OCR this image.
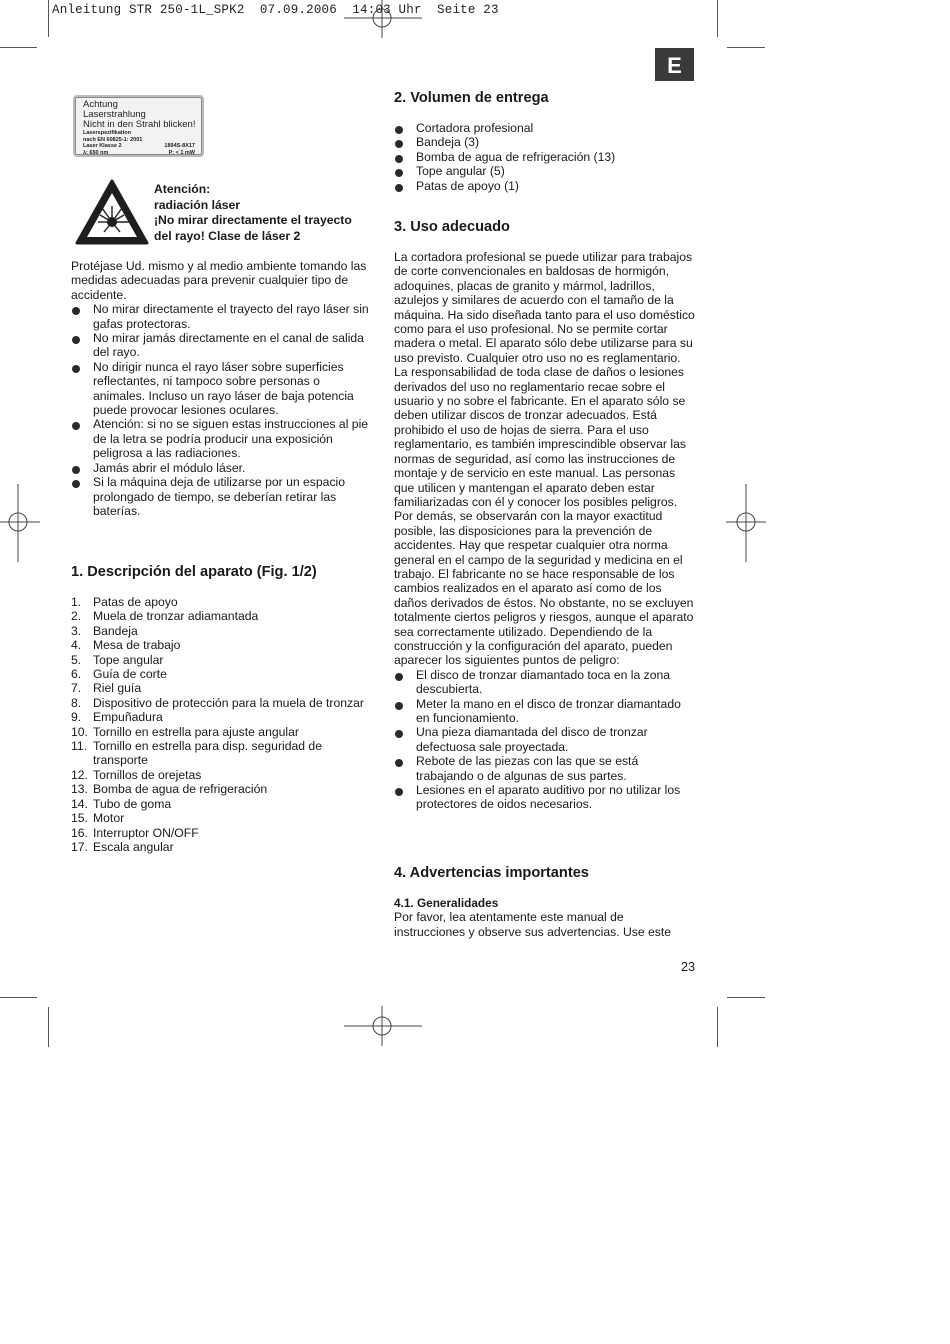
Anleitung STR 250-1L_SPK2  07.09.2006  14:03 Uhr  Seite 23
E
Achtung
Laserstrahlung
Nicht in den Strahl blicken!
Laserspezifikation
nach EN 60825-1: 2001
Laser Klasse 2	1894S-8X17
λ: 650 nm	P: < 1 mW
Atención:
radiación láser
¡No mirar directamente el trayecto del rayo! Clase de láser 2
Protéjase Ud. mismo y al medio ambiente tomando las medidas adecuadas para prevenir cualquier tipo de accidente.
No mirar directamente el trayecto del rayo láser sin gafas protectoras.
No mirar jamás directamente en el canal de salida del rayo.
No dirigir nunca el rayo láser sobre superficies reflectantes, ni tampoco sobre personas o animales. Incluso un rayo láser de baja potencia puede provocar lesiones oculares.
Atención: si no se siguen estas instrucciones al pie de la letra se podría producir una exposición peligrosa a las radiaciones.
Jamás abrir el módulo láser.
Si la máquina deja de utilizarse por un espacio prolongado de tiempo, se deberían retirar las baterías.
1. Descripción del aparato (Fig. 1/2)
1. Patas de apoyo
2. Muela de tronzar adiamantada
3. Bandeja
4. Mesa de trabajo
5. Tope angular
6. Guía de corte
7. Riel guía
8. Dispositivo de protección para la muela de tronzar
9. Empuñadura
10. Tornillo en estrella para ajuste angular
11. Tornillo en estrella para disp. seguridad de transporte
12. Tornillos de orejetas
13. Bomba de agua de refrigeración
14. Tubo de goma
15. Motor
16. Interruptor ON/OFF
17. Escala angular
2. Volumen de entrega
Cortadora profesional
Bandeja (3)
Bomba de agua de refrigeración (13)
Tope angular (5)
Patas de apoyo (1)
3. Uso adecuado
La cortadora profesional se puede utilizar para trabajos de corte convencionales en baldosas de hormigón, adoquines, placas de granito y mármol, ladrillos, azulejos y similares de acuerdo con el tamaño de la máquina. Ha sido diseñada tanto para el uso doméstico como para el uso profesional. No se permite cortar madera o metal. El aparato sólo debe utilizarse para su uso previsto. Cualquier otro uso no es reglamentario. La responsabilidad de toda clase de daños o lesiones derivados del uso no reglamentario recae sobre el usuario y no sobre el fabricante. En el aparato sólo se deben utilizar discos de tronzar adecuados. Está prohibido el uso de hojas de sierra. Para el uso reglamentario, es también imprescindible observar las normas de seguridad, así como las instrucciones de montaje y de servicio en este manual. Las personas que utilicen y mantengan el aparato deben estar familiarizadas con él y conocer los posibles peligros. Por demás, se observarán con la mayor exactitud posible, las disposiciones para la prevención de accidentes. Hay que respetar cualquier otra norma general en el campo de la seguridad y medicina en el trabajo. El fabricante no se hace responsable de los cambios realizados en el aparato así como de los daños derivados de éstos. No obstante, no se excluyen totalmente ciertos peligros y riesgos, aunque el aparato sea correctamente utilizado. Dependiendo de la construcción y la configuración del aparato, pueden aparecer los siguientes puntos de peligro:
El disco de tronzar diamantado toca en la zona descubierta.
Meter la mano en el disco de tronzar diamantado en funcionamiento.
Una pieza diamantada del disco de tronzar defectuosa sale proyectada.
Rebote de las piezas con las que se está trabajando o de algunas de sus partes.
Lesiones en el aparato auditivo por no utilizar los protectores de oidos necesarios.
4. Advertencias importantes
4.1. Generalidades
Por favor, lea atentamente este manual de instrucciones y observe sus advertencias. Use este
23
